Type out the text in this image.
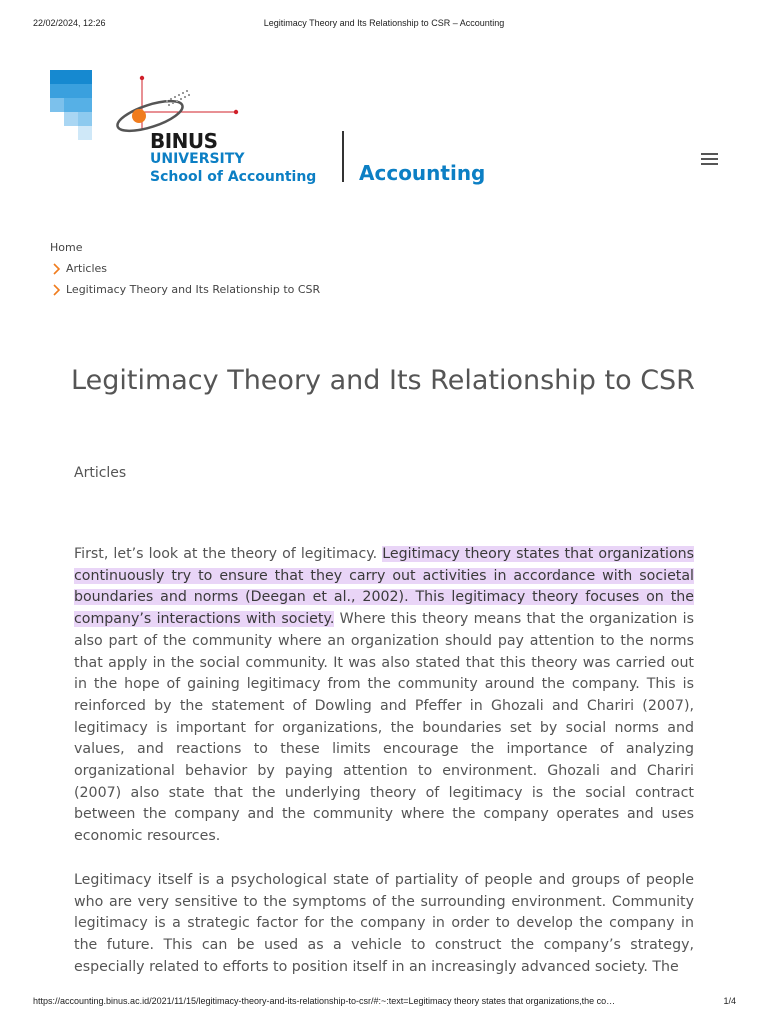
22/02/2024, 12:26	Legitimacy Theory and Its Relationship to CSR – Accounting
BINUS
UNIVERSITY
School of Accounting Accounting
Home
Articles
Legitimacy Theory and Its Relationship to CSR
Legitimacy Theory and Its Relationship to CSR
Articles

First, let’s look at the theory of legitimacy. Legitimacy theory states that organizations continuously try to ensure that they carry out activities in accordance with societal boundaries and norms (Deegan et al., 2002). This legitimacy theory focuses on the company’s interactions with society. Where this theory means that the organization is also part of the community where an organization should pay attention to the norms that apply in the social community. It was also stated that this theory was carried out in the hope of gaining legitimacy from the community around the company. This is reinforced by the statement of Dowling and Pfeffer in Ghozali and Chariri (2007), legitimacy is important for organizations, the boundaries set by social norms and values, and reactions to these limits encourage the importance of analyzing organizational behavior by paying attention to environment. Ghozali and Chariri (2007) also state that the underlying theory of legitimacy is the social contract between the company and the community where the company operates and uses economic resources.

Legitimacy itself is a psychological state of partiality of people and groups of people who are very sensitive to the symptoms of the surrounding environment. Community legitimacy is a strategic factor for the company in order to develop the company in the future. This can be used as a vehicle to construct the company’s strategy, especially related to efforts to position itself in an increasingly advanced society. The

https://accounting.binus.ac.id/2021/11/15/legitimacy-theory-and-its-relationship-to-csr/#:~:text=Legitimacy theory states that organizations,the co…	1/4
